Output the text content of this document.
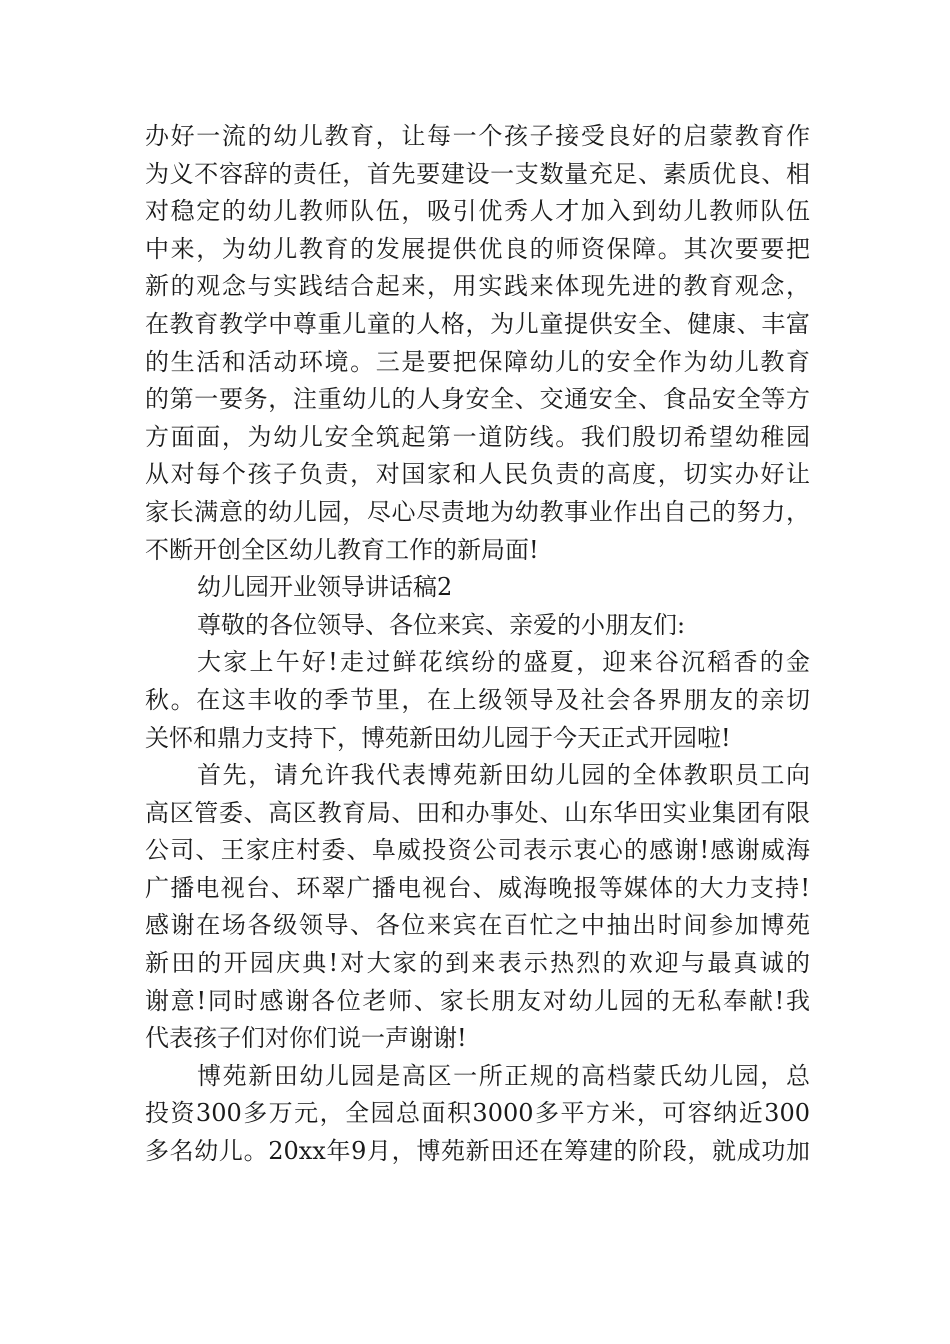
办好一流的幼儿教育，让每一个孩子接受良好的启蒙教育作
为义不容辞的责任，首先要建设一支数量充足、素质优良、相
对稳定的幼儿教师队伍，吸引优秀人才加入到幼儿教师队伍
中来，为幼儿教育的发展提供优良的师资保障。其次要要把
新的观念与实践结合起来，用实践来体现先进的教育观念，
在教育教学中尊重儿童的人格，为儿童提供安全、健康、丰富
的生活和活动环境。三是要把保障幼儿的安全作为幼儿教育
的第一要务，注重幼儿的人身安全、交通安全、食品安全等方
方面面，为幼儿安全筑起第一道防线。我们殷切希望幼稚园
从对每个孩子负责，对国家和人民负责的高度，切实办好让
家长满意的幼儿园，尽心尽责地为幼教事业作出自己的努力，
不断开创全区幼儿教育工作的新局面!
幼儿园开业领导讲话稿2
尊敬的各位领导、各位来宾、亲爱的小朋友们:
大家上午好!走过鲜花缤纷的盛夏，迎来谷沉稻香的金
秋。在这丰收的季节里，在上级领导及社会各界朋友的亲切
关怀和鼎力支持下，博苑新田幼儿园于今天正式开园啦!
首先，请允许我代表博苑新田幼儿园的全体教职员工向
高区管委、高区教育局、田和办事处、山东华田实业集团有限
公司、王家庄村委、阜威投资公司表示衷心的感谢!感谢威海
广播电视台、环翠广播电视台、威海晚报等媒体的大力支持!
感谢在场各级领导、各位来宾在百忙之中抽出时间参加博苑
新田的开园庆典!对大家的到来表示热烈的欢迎与最真诚的
谢意!同时感谢各位老师、家长朋友对幼儿园的无私奉献!我
代表孩子们对你们说一声谢谢!
博苑新田幼儿园是高区一所正规的高档蒙氏幼儿园，总
投资300多万元，全园总面积3000多平方米，可容纳近300
多名幼儿。20xx年9月，博苑新田还在筹建的阶段，就成功加
